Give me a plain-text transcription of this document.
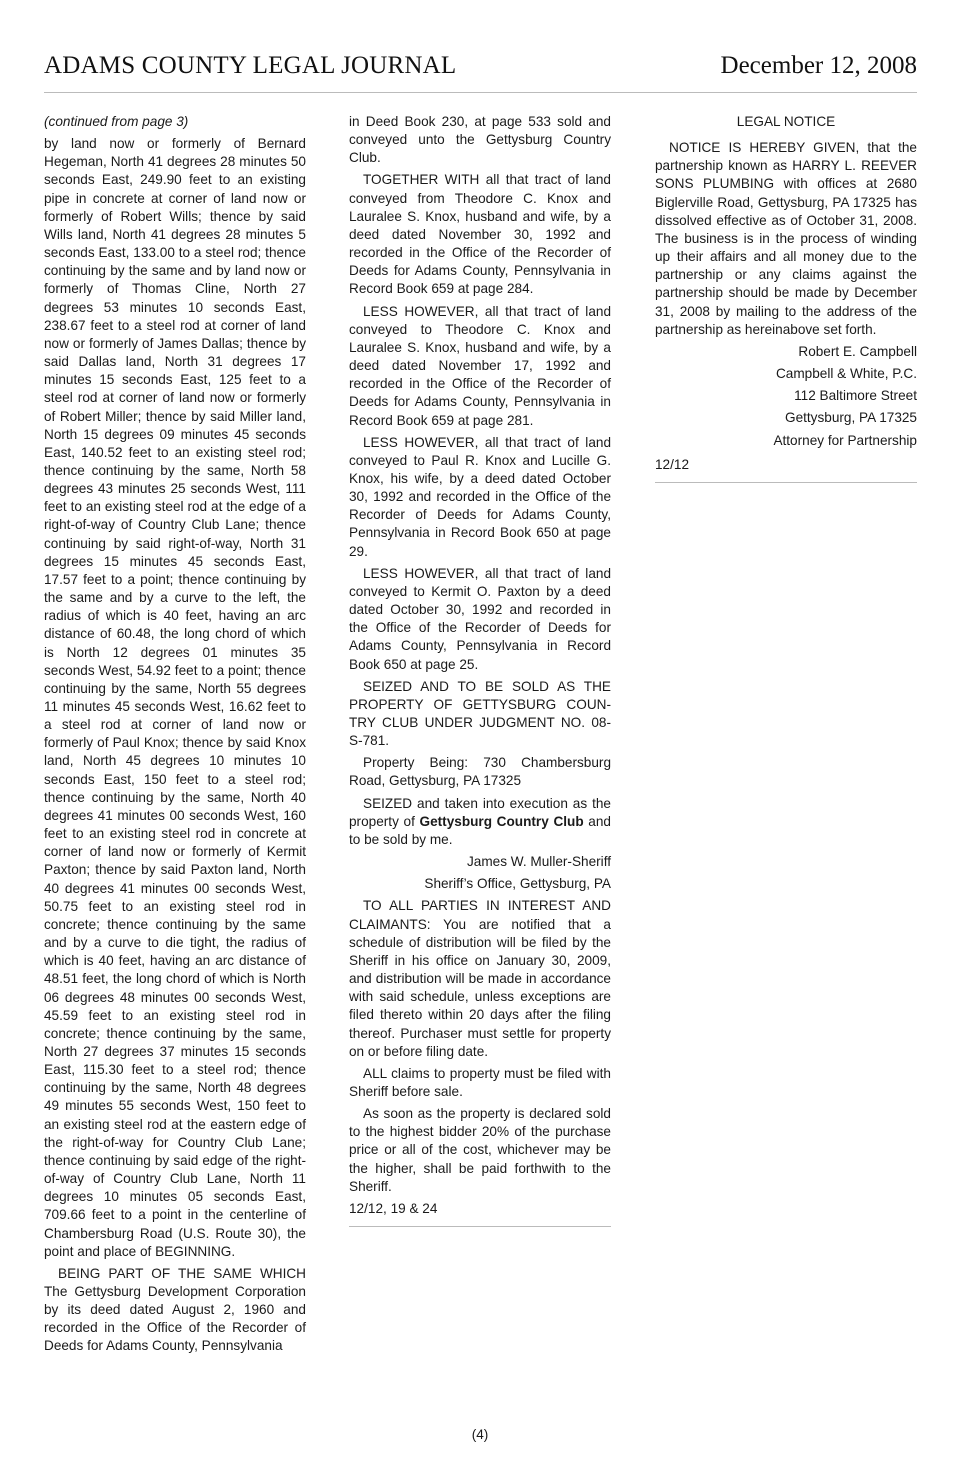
ADAMS COUNTY LEGAL JOURNAL	December 12, 2008

(continued from page 3)

by land now or formerly of Bernard Hegeman, North 41 degrees 28 minutes 50 seconds East, 249.90 feet to an existing pipe in concrete at corner of land now or formerly of Robert Wills; thence by said Wills land, North 41 degrees 28 minutes 5 seconds East, 133.00 to a steel rod; thence continuing by the same and by land now or formerly of Thomas Cline, North 27 degrees 53 minutes 10 seconds East, 238.67 feet to a steel rod at corner of land now or formerly of James Dallas; thence by said Dallas land, North 31 degrees 17 minutes 15 seconds East, 125 feet to a steel rod at corner of land now or formerly of Robert Miller; thence by said Miller land, North 15 degrees 09 minutes 45 seconds East, 140.52 feet to an existing steel rod; thence continuing by the same, North 58 degrees 43 minutes 25 seconds West, 111 feet to an existing steel rod at the edge of a right-of-way of Country Club Lane; thence continuing by said right-of-way, North 31 degrees 15 minutes 45 seconds East, 17.57 feet to a point; thence continuing by the same and by a curve to the left, the radius of which is 40 feet, having an arc distance of 60.48, the long chord of which is North 12 degrees 01 minutes 35 seconds West, 54.92 feet to a point; thence continuing by the same, North 55 degrees 11 minutes 45 seconds West, 16.62 feet to a steel rod at corner of land now or formerly of Paul Knox; thence by said Knox land, North 45 degrees 10 minutes 10 seconds East, 150 feet to a steel rod; thence continuing by the same, North 40 degrees 41 minutes 00 seconds West, 160 feet to an existing steel rod in concrete at corner of land now or formerly of Kermit Paxton; thence by said Paxton land, North 40 degrees 41 minutes 00 seconds West, 50.75 feet to an existing steel rod in concrete; thence continuing by the same and by a curve to die tight, the radius of which is 40 feet, having an arc distance of 48.51 feet, the long chord of which is North 06 degrees 48 minutes 00 seconds West, 45.59 feet to an existing steel rod in concrete; thence continuing by the same, North 27 degrees 37 minutes 15 seconds East, 115.30 feet to a steel rod; thence continuing by the same, North 48 degrees 49 minutes 55 seconds West, 150 feet to an existing steel rod at the eastern edge of the right-of-way for Country Club Lane; thence continuing by said edge of the right-of-way of Country Club Lane, North 11 degrees 10 minutes 05 seconds East, 709.66 feet to a point in the centerline of Chambersburg Road (U.S. Route 30), the point and place of BEGINNING.

BEING PART OF THE SAME WHICH The Gettysburg Development Corporation by its deed dated August 2, 1960 and recorded in the Office of the Recorder of Deeds for Adams County, Pennsylvania

in Deed Book 230, at page 533 sold and conveyed unto the Gettysburg Country Club.

TOGETHER WITH all that tract of land conveyed from Theodore C. Knox and Lauralee S. Knox, husband and wife, by a deed dated November 30, 1992 and recorded in the Office of the Recorder of Deeds for Adams County, Pennsylvania in Record Book 659 at page 284.

LESS HOWEVER, all that tract of land conveyed to Theodore C. Knox and Lauralee S. Knox, husband and wife, by a deed dated November 17, 1992 and recorded in the Office of the Recorder of Deeds for Adams County, Pennsylvania in Record Book 659 at page 281.

LESS HOWEVER, all that tract of land conveyed to Paul R. Knox and Lucille G. Knox, his wife, by a deed dated October 30, 1992 and recorded in the Office of the Recorder of Deeds for Adams County, Pennsylvania in Record Book 650 at page 29.

LESS HOWEVER, all that tract of land conveyed to Kermit O. Paxton by a deed dated October 30, 1992 and recorded in the Office of the Recorder of Deeds for Adams County, Pennsylvania in Record Book 650 at page 25.

SEIZED AND TO BE SOLD AS THE PROPERTY OF GETTYSBURG COUNTRY CLUB UNDER JUDGMENT NO. 08-S-781.

Property Being: 730 Chambersburg Road, Gettysburg, PA 17325

SEIZED and taken into execution as the property of Gettysburg Country Club and to be sold by me.

James W. Muller-Sheriff

Sheriff’s Office, Gettysburg, PA

TO ALL PARTIES IN INTEREST AND CLAIMANTS: You are notified that a schedule of distribution will be filed by the Sheriff in his office on January 30, 2009, and distribution will be made in accordance with said schedule, unless exceptions are filed thereto within 20 days after the filing thereof. Purchaser must settle for property on or before filing date.

ALL claims to property must be filed with Sheriff before sale.

As soon as the property is declared sold to the highest bidder 20% of the purchase price or all of the cost, whichever may be the higher, shall be paid forthwith to the Sheriff.

12/12, 19 & 24

LEGAL NOTICE

NOTICE IS HEREBY GIVEN, that the partnership known as HARRY L. REEVER SONS PLUMBING with offices at 2680 Biglerville Road, Gettysburg, PA 17325 has dissolved effective as of October 31, 2008. The business is in the process of winding up their affairs and all money due to the partnership or any claims against the partnership should be made by December 31, 2008 by mailing to the address of the partnership as hereinabove set forth.

Robert E. Campbell

Campbell & White, P.C.

112 Baltimore Street

Gettysburg, PA 17325

Attorney for Partnership

12/12

(4)
